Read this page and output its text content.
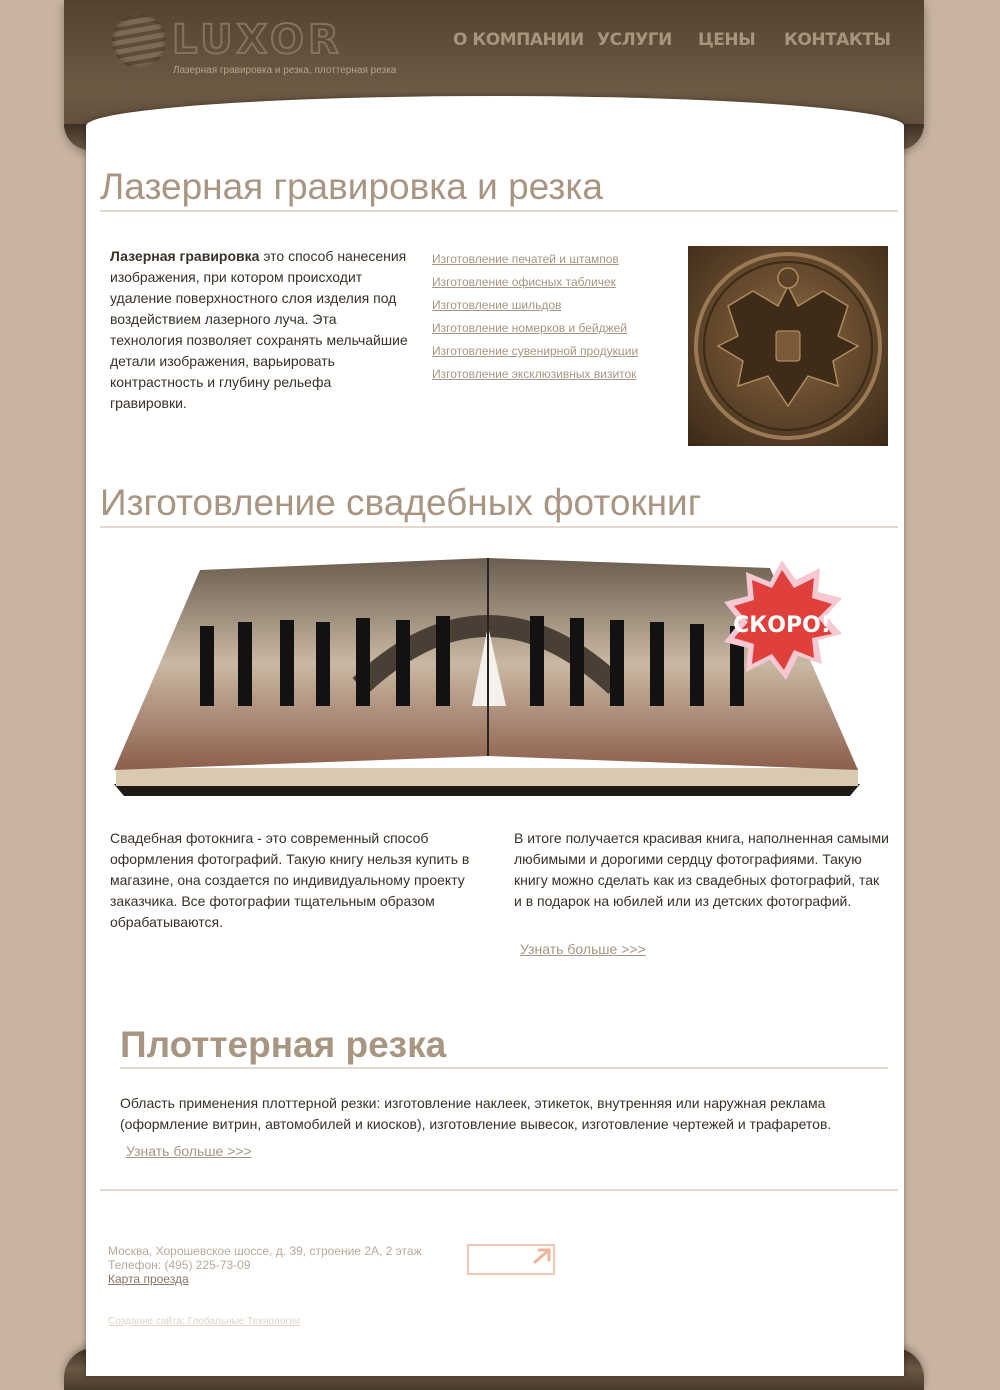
LUXOR
Лазерная гравировка и резка, плоттерная резка
О КОМПАНИИ УСЛУГИ ЦЕНЫ КОНТАКТЫ
Лазерная гравировка и резка

Лазерная гравировка это способ нанесения изображения, при котором происходит удаление поверхностного слоя изделия под воздействием лазерного луча. Эта технология позволяет сохранять мельчайшие детали изображения, варьировать контрастность и глубину рельефа гравировки.

Изготовление печатей и штампов
Изготовление офисных табличек
Изготовление шильдов
Изготовление номерков и бейджей
Изготовление сувенирной продукции
Изготовление эксклюзивных визиток
Изготовление свадебных фотокниг
СКОРО!

Свадебная фотокнига - это современный способ оформления фотографий. Такую книгу нельзя купить в магазине, она создается по индивидуальному проекту заказчика. Все фотографии тщательным образом обрабатываются.

В итоге получается красивая книга, наполненная самыми любимыми и дорогими сердцу фотографиями. Такую книгу можно сделать как из свадебных фотографий, так и в подарок на юбилей или из детских фотографий.

Узнать больше >>>
Плоттерная резка

Область применения плоттерной резки: изготовление наклеек, этикеток, внутренняя или наружная реклама (оформление витрин, автомобилей и киосков), изготовление вывесок, изготовление чертежей и трафаретов.

Узнать больше >>>
Москва, Хорошевское шоссе, д. 39, строение 2А, 2 этаж
Телефон: (495) 225-73-09
Карта проезда
Создание сайта: Глобальные Технологии
